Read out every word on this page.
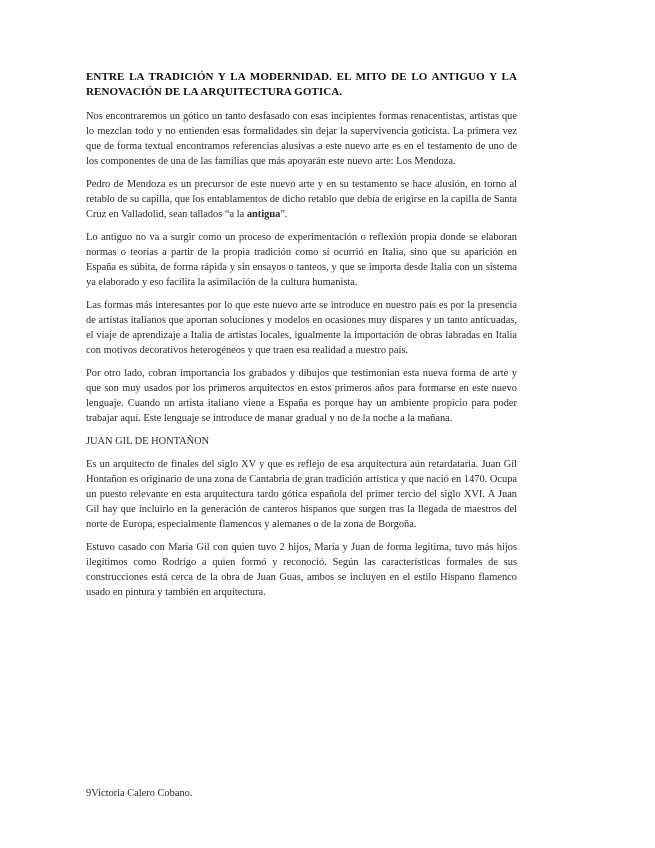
ENTRE LA TRADICIÓN Y LA MODERNIDAD. EL MITO DE LO ANTIGUO Y LA RENOVACIÓN DE LA ARQUITECTURA GOTICA.

Nos encontraremos un gótico un tanto desfasado con esas incipientes formas renacentistas, artistas que lo mezclan todo y no entienden esas formalidades sin dejar la supervivencia goticista. La primera vez que de forma textual encontramos referencias alusivas a este nuevo arte es en el testamento de uno de los componentes de una de las familias que más apoyarán este nuevo arte: Los Mendoza.

Pedro de Mendoza es un precursor de este nuevo arte y en su testamento se hace alusión, en torno al retablo de su capilla, que los entablamentos de dicho retablo que debía de erigirse en la capilla de Santa Cruz en Valladolid, sean tallados “a la antigua”.

Lo antiguo no va a surgir como un proceso de experimentación o reflexión propia donde se elaboran normas o teorías a partir de la propia tradición como sí ocurrió en Italia, sino que su aparición en España es súbita, de forma rápida y sin ensayos o tanteos, y que se importa desde Italia con un sistema ya elaborado y eso facilita la asimilación de la cultura humanista.

Las formas más interesantes por lo que este nuevo arte se introduce en nuestro país es por la presencia de artistas italianos que aportan soluciones y modelos en ocasiones muy dispares y un tanto anticuadas, el viaje de aprendizaje a Italia de artistas locales, igualmente la importación de obras labradas en Italia con motivos decorativos heterogéneos y que traen esa realidad a nuestro país.

Por otro lado, cobran importancia los grabados y dibujos que testimonian esta nueva forma de arte y que son muy usados por los primeros arquitectos en estos primeros años para formarse en este nuevo lenguaje. Cuando un artista italiano viene a España es porque hay un ambiente propicio para poder trabajar aquí. Este lenguaje se introduce de manar gradual y no de la noche a la mañana.

JUAN GIL DE HONTAÑON

Es un arquitecto de finales del siglo XV y que es reflejo de esa arquitectura aún retardataria. Juan Gil Hontañon es originario de una zona de Cantabria de gran tradición artística y que nació en 1470. Ocupa un puesto relevante en esta arquitectura tardo gótica española del primer tercio del siglo XVI. A Juan Gil hay que incluirlo en la generación de canteros hispanos que surgen tras la llegada de maestros del norte de Europa, especialmente flamencos y alemanes o de la zona de Borgoña.

Estuvo casado con María Gil con quien tuvo 2 hijos, María y Juan de forma legitima, tuvo más hijos ilegítimos como Rodrigo a quien formó y reconoció. Según las características formales de sus construcciones está cerca de la obra de Juan Guas, ambos se incluyen en el estilo Hispano flamenco usado en pintura y también en arquitectura.

9Victoria Calero Cobano.
